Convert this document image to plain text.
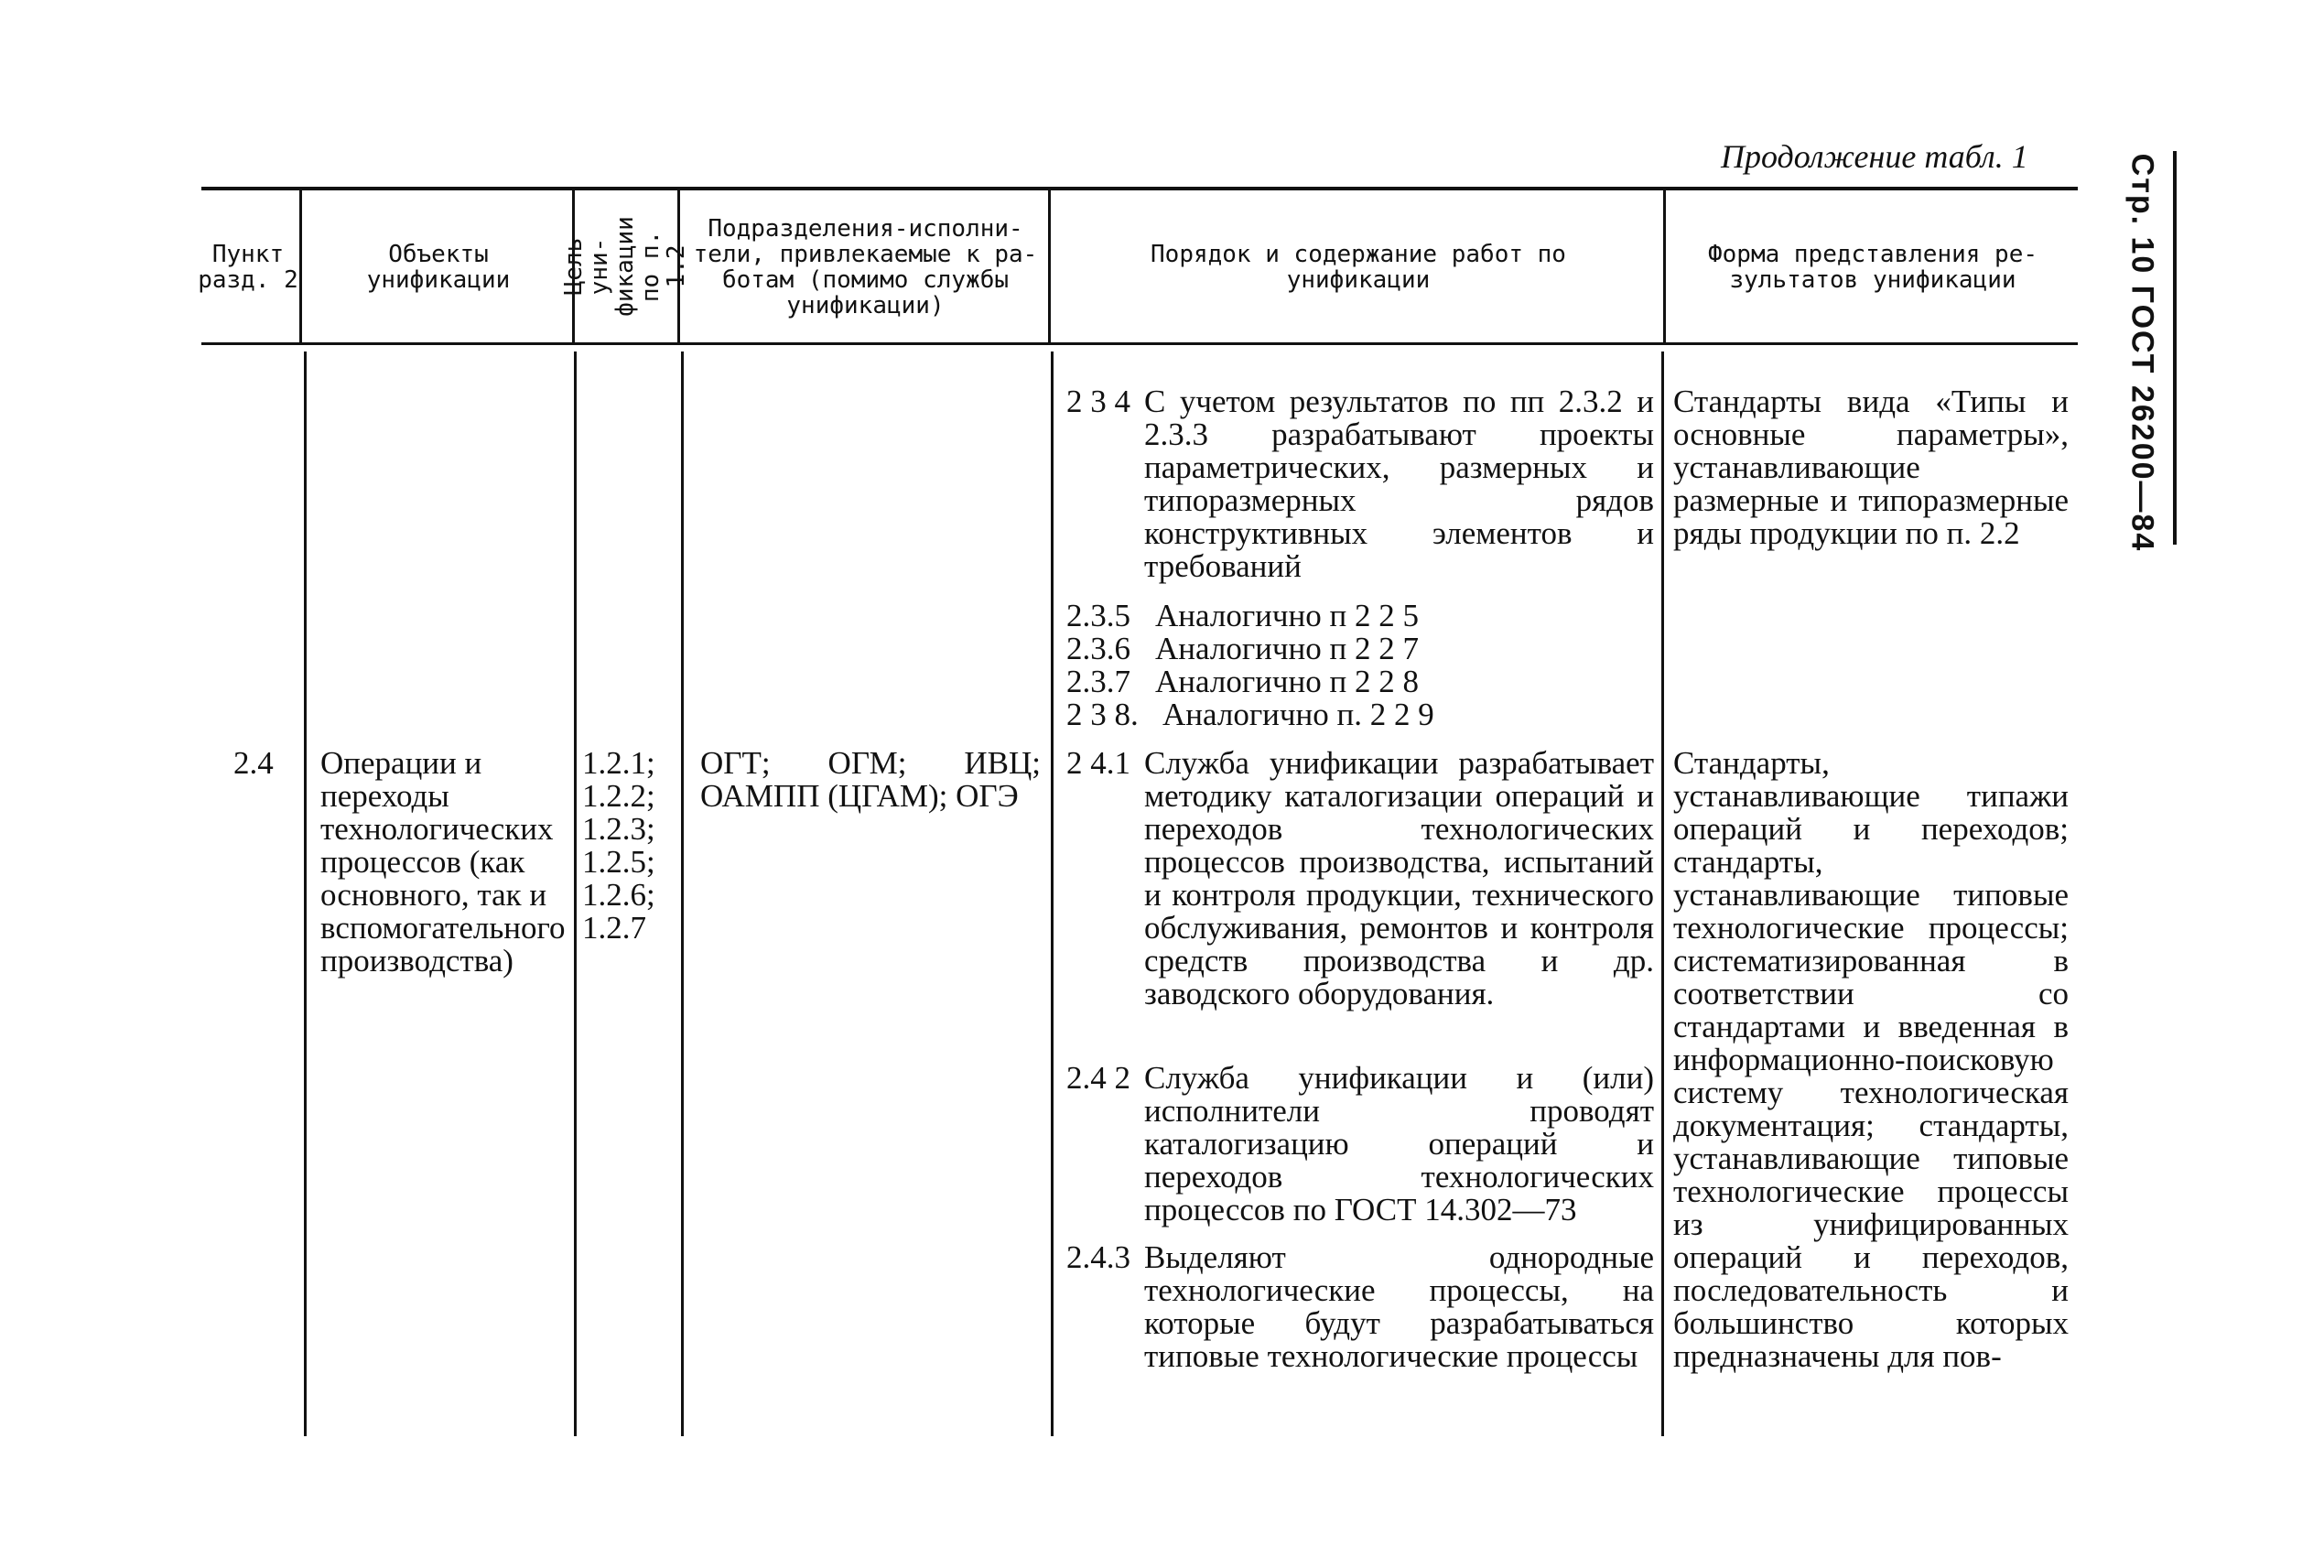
Продолжение табл. 1	Стр. 10 ГОСТ 26200—84
Пункт
разд. 2
Объекты
унификации	Цель уни-
фикации
по п. 1.2
Подразделения-исполни-
тели, привлекаемые к ра-
ботам (помимо службы
унификации)
Порядок и содержание работ по
унификации
Форма представления ре-
зультатов унификации
2 3 4 С учетом результатов по пп 2.3.2 и 2.3.3 разрабатывают проекты параметрических, размерных и типоразмерных рядов конструктивных элементов и требований
2.3.5 Аналогично п 2 2 5
2.3.6 Аналогично п 2 2 7
2.3.7 Аналогично п 2 2 8
2 3 8. Аналогично п. 2 2 9
Стандарты вида «Типы и основные параметры», устанавливающие размерные и типоразмерные ряды продукции по п. 2.2
2.4 Операции и переходы технологических процессов (как основного, так и вспомогательного производства)
1.2.1;
1.2.2;
1.2.3;
1.2.5;
1.2.6;
1.2.7
ОГТ; ОГМ; ИВЦ; ОАМПП (ЦГАМ); ОГЭ
2 4.1 Служба унификации разрабатывает методику каталогизации операций и переходов технологических процессов производства, испытаний и контроля продукции, технического обслуживания, ремонтов и контроля средств производства и др. заводского оборудования.
2.4 2 Служба унификации и (или) исполнители проводят каталогизацию операций и переходов технологических процессов по ГОСТ 14.302—73
2.4.3 Выделяют однородные технологические процессы, на которые будут разрабатываться типовые технологические процессы
Стандарты, устанавливающие типажи операций и переходов; стандарты, устанавливающие типовые технологические процессы; систематизированная в соответствии со стандартами и введенная в информационно-поисковую систему технологическая документация; стандарты, устанавливающие типовые технологические процессы из унифицированных операций и переходов, последовательность и большинство которых предназначены для пов-
